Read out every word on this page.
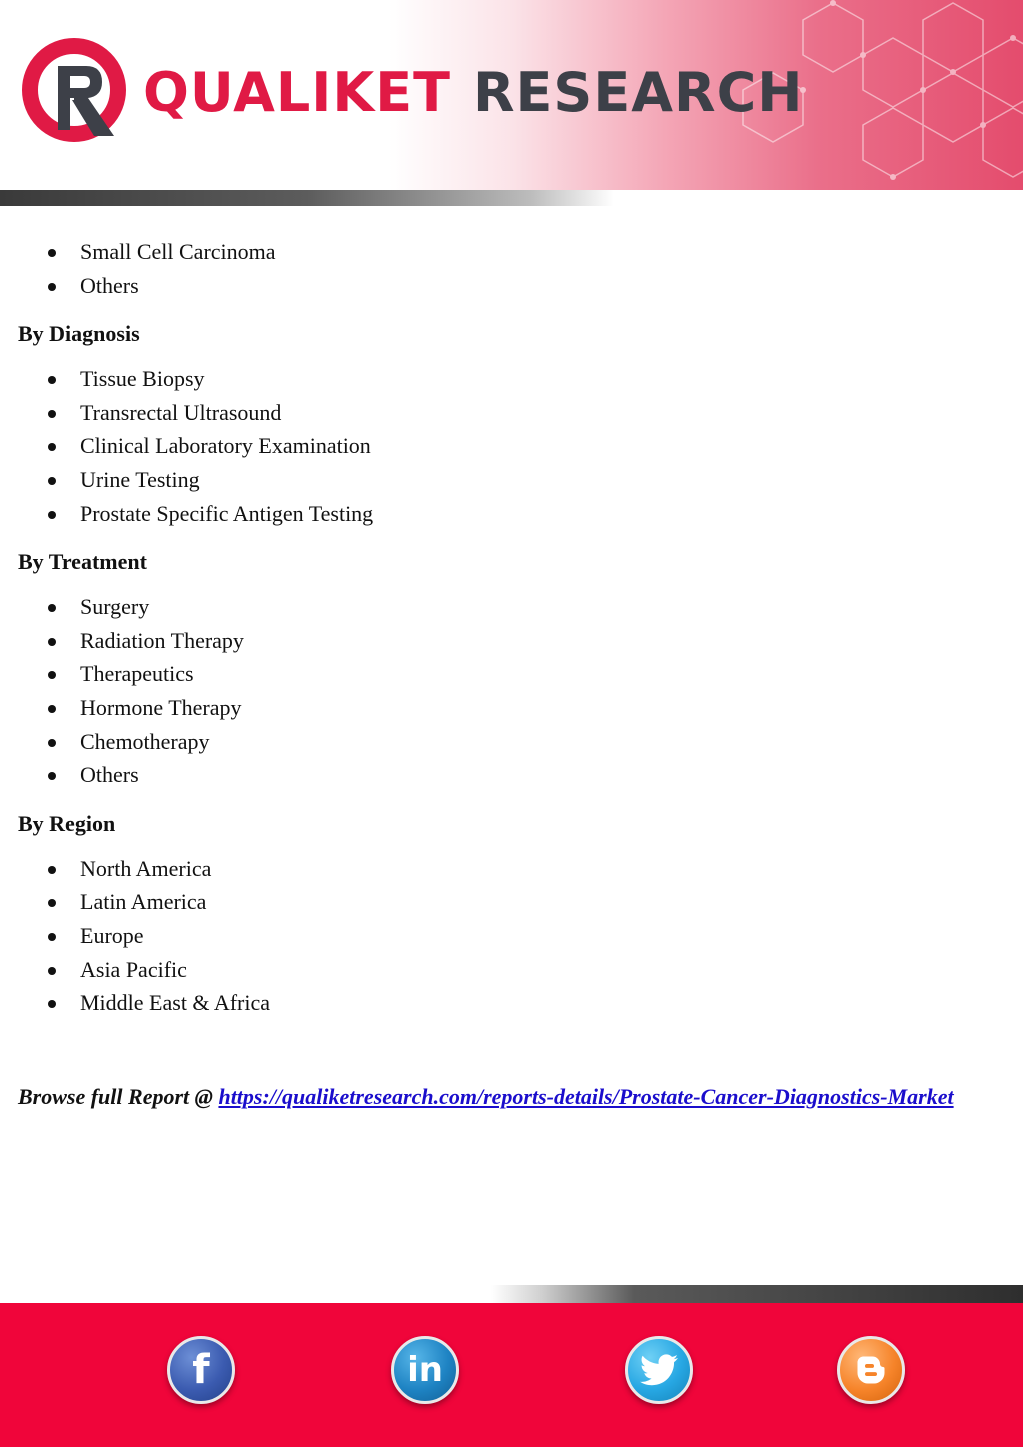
QUALIKET RESEARCH
Small Cell Carcinoma
Others
By Diagnosis
Tissue Biopsy
Transrectal Ultrasound
Clinical Laboratory Examination
Urine Testing
Prostate Specific Antigen Testing
By Treatment
Surgery
Radiation Therapy
Therapeutics
Hormone Therapy
Chemotherapy
Others
By Region
North America
Latin America
Europe
Asia Pacific
Middle East & Africa
Browse full Report @ https://qualiketresearch.com/reports-details/Prostate-Cancer-Diagnostics-Market
f	in
